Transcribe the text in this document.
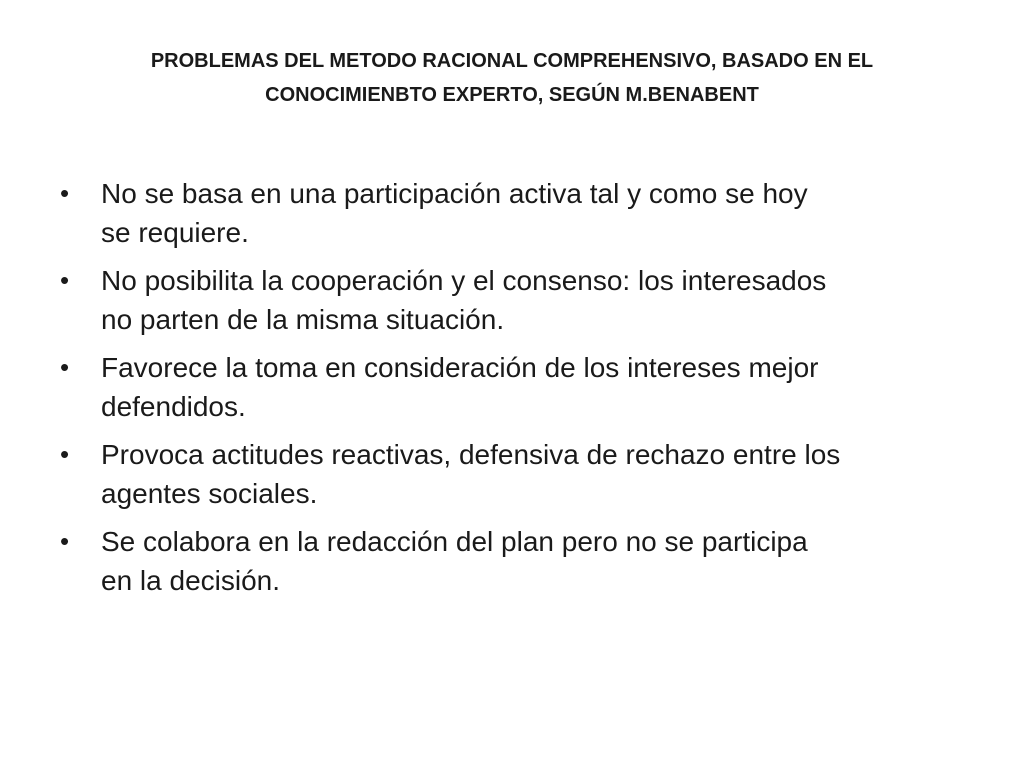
PROBLEMAS DEL METODO RACIONAL COMPREHENSIVO, BASADO EN EL
CONOCIMIENBTO EXPERTO, SEGÚN M.BENABENT
•	No se basa en una participación activa tal y como se hoy
se requiere.
•	No posibilita la cooperación y el consenso: los interesados
no parten de la misma situación.
•	Favorece la toma en consideración de los intereses mejor
defendidos.
•	Provoca actitudes reactivas, defensiva de rechazo entre los
agentes sociales.
•	Se colabora en la redacción del plan pero no se participa
en la decisión.
